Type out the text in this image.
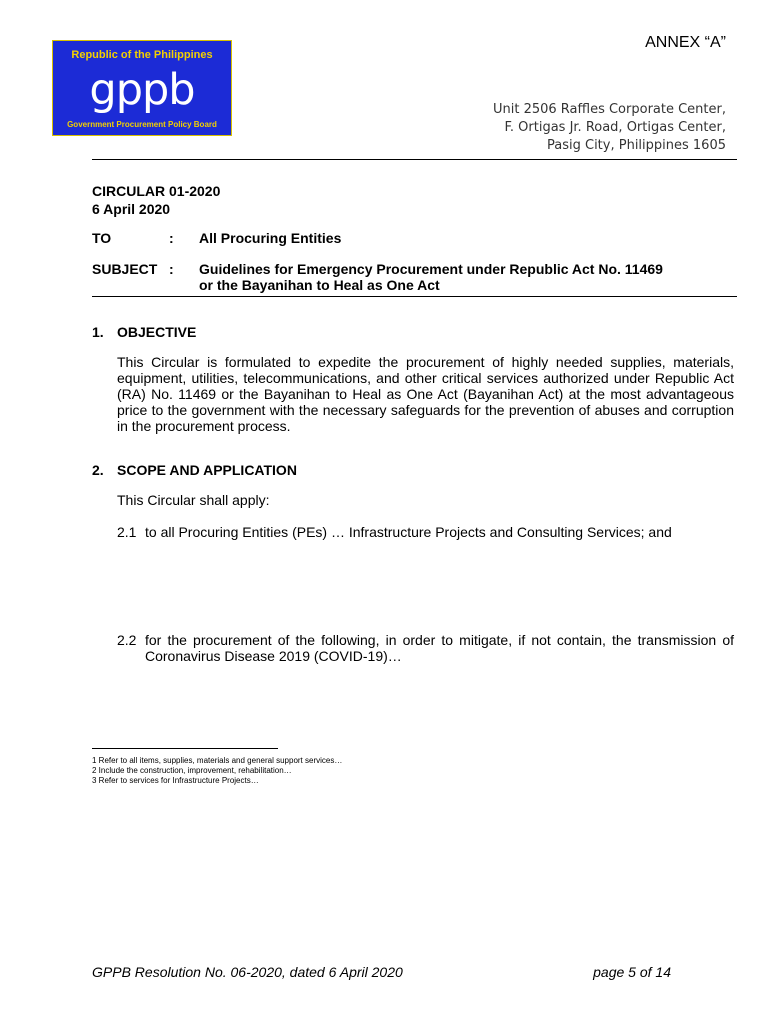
Republic of the Philippines
gppb
Government Procurement Policy Board
ANNEX “A”
Unit 2506 Raffles Corporate Center,
F. Ortigas Jr. Road, Ortigas Center,
Pasig City, Philippines 1605
CIRCULAR 01-2020
6 April 2020
TO	: All Procuring Entities
SUBJECT : Guidelines for Emergency Procurement under Republic Act No. 11469
or the Bayanihan to Heal as One Act
1. OBJECTIVE
This Circular is formulated to expedite the procurement of highly needed supplies, materials, equipment, utilities, telecommunications, and other critical services authorized under Republic Act (RA) No. 11469 or the Bayanihan to Heal as One Act (Bayanihan Act) at the most advantageous price to the government with the necessary safeguards for the prevention of abuses and corruption in the procurement process.
2. SCOPE AND APPLICATION
This Circular shall apply:
2.1 to all Procuring Entities (PEs) … Infrastructure Projects and Consulting Services; and
2.2 for the procurement of the following, in order to mitigate, if not contain, the transmission of Coronavirus Disease 2019 (COVID-19)…
1 Refer to all items, supplies, materials and general support services…
2 Include the construction, improvement, rehabilitation…
3 Refer to services for Infrastructure Projects…
GPPB Resolution No. 06-2020, dated 6 April 2020	page 5 of 14
